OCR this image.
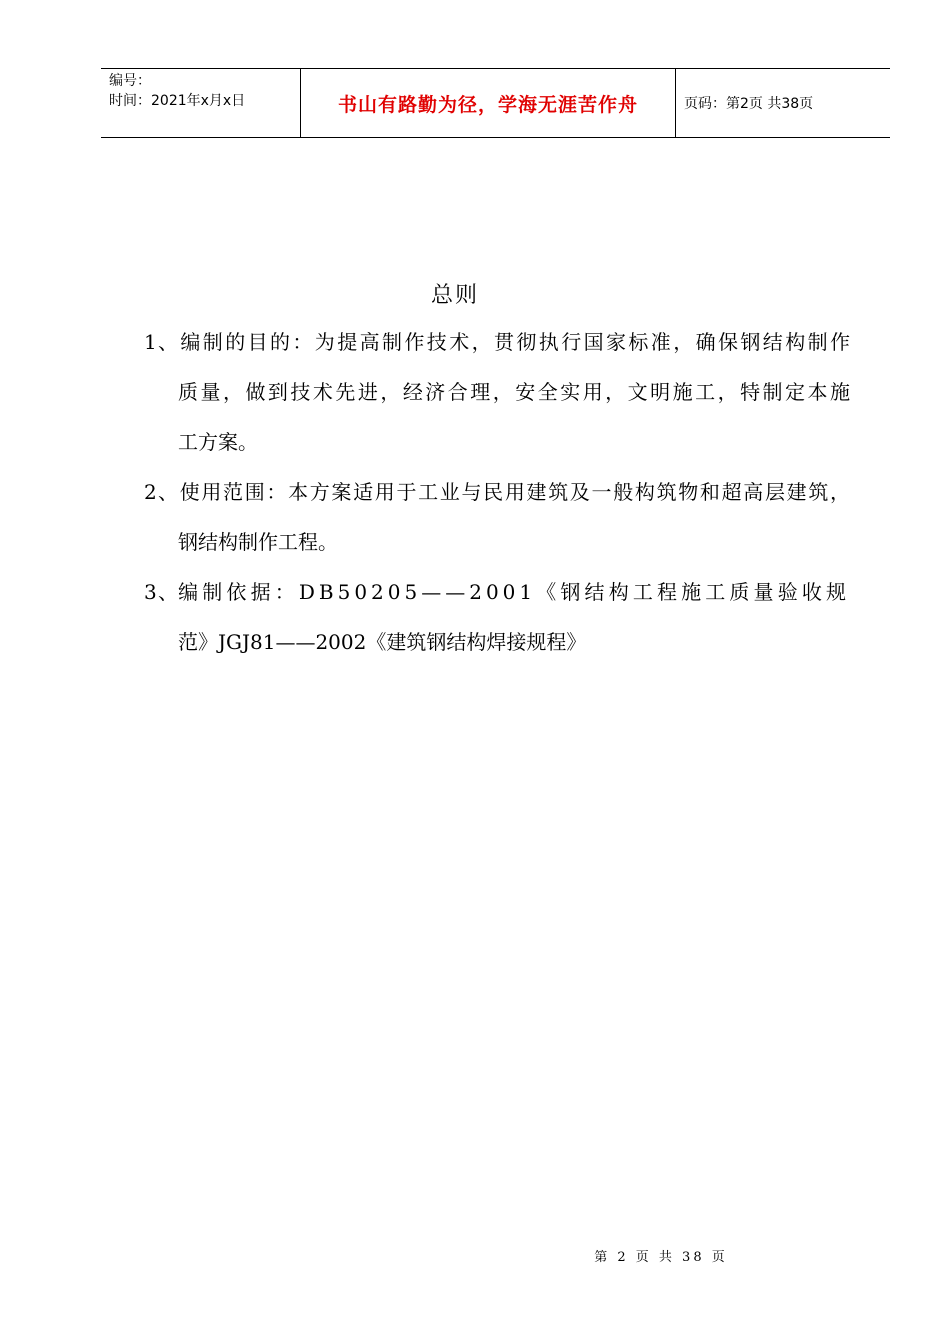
编号：
时间：2021年x月x日	书山有路勤为径，学海无涯苦作舟	页码：第2页 共38页
总则
1、编制的目的：为提高制作技术，贯彻执行国家标准，确保钢结构制作
质量，做到技术先进，经济合理，安全实用，文明施工，特制定本施
工方案。
2、使用范围：本方案适用于工业与民用建筑及一般构筑物和超高层建筑，
钢结构制作工程。
3、编制依据：DB50205——2001《钢结构工程施工质量验收规
范》JGJ81——2002《建筑钢结构焊接规程》
第 2 页 共 38 页
